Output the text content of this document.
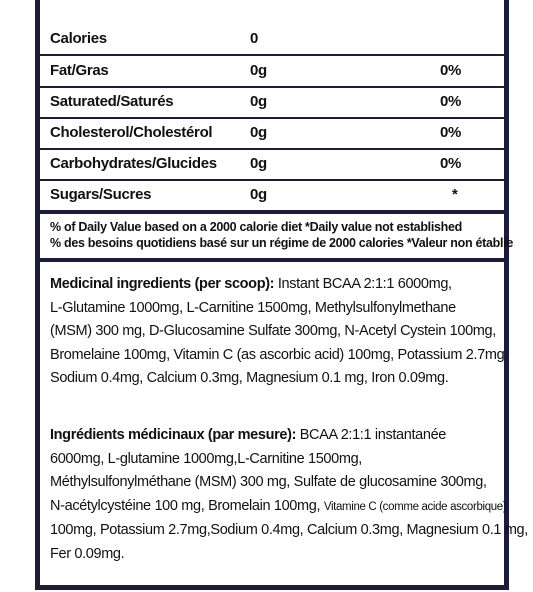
Calories	0
Fat/Gras	0g	0%
Saturated/Saturés	0g	0%
Cholesterol/Cholestérol	0g	0%
Carbohydrates/Glucides 0g	0%
Sugars/Sucres	0g	*
% of Daily Value based on a 2000 calorie diet *Daily value not established
% des besoins quotidiens basé sur un régime de 2000 calories *Valeur non établie
Medicinal ingredients (per scoop): Instant BCAA 2:1:1 6000mg,
L-Glutamine 1000mg, L-Carnitine 1500mg, Methylsulfonylmethane
(MSM) 300 mg, D-Glucosamine Sulfate 300mg, N-Acetyl Cystein 100mg,
Bromelaine 100mg, Vitamin C (as ascorbic acid) 100mg, Potassium 2.7mg,
Sodium 0.4mg, Calcium 0.3mg, Magnesium 0.1 mg, Iron 0.09mg.
Ingrédients médicinaux (par mesure): BCAA 2:1:1 instantanée
6000mg, L-glutamine 1000mg,L-Carnitine 1500mg,
Méthylsulfonylméthane (MSM) 300 mg, Sulfate de glucosamine 300mg,
N-acétylcystéine 100 mg, Bromelain 100mg, Vitamine C (comme acide ascorbique)
100mg, Potassium 2.7mg,Sodium 0.4mg, Calcium 0.3mg, Magnesium 0.1 mg,
Fer 0.09mg.
